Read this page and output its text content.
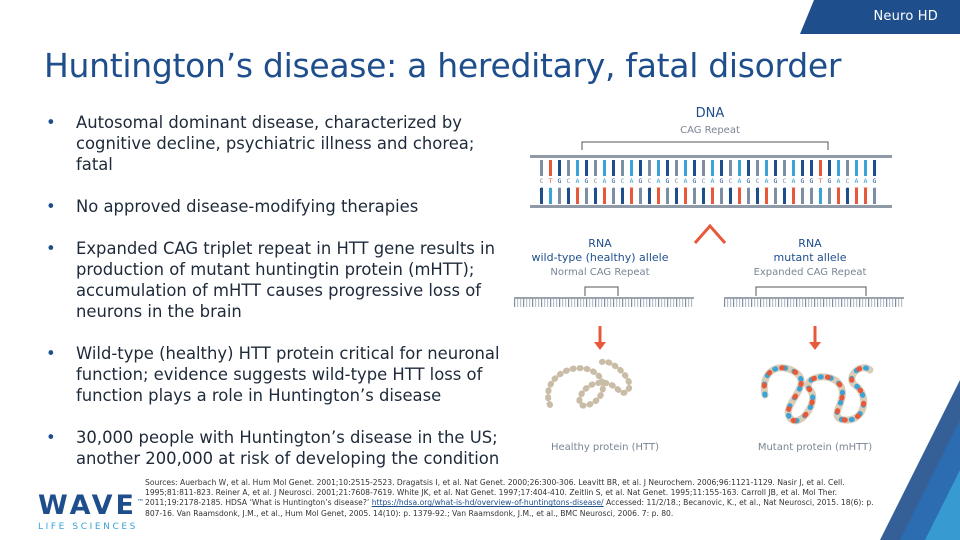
Neuro HD
Huntington’s disease: a hereditary, fatal disorder
• Autosomal dominant disease, characterized by cognitive decline, psychiatric illness and chorea; fatal
• No approved disease-modifying therapies
• Expanded CAG triplet repeat in HTT gene results in production of mutant huntingtin protein (mHTT); accumulation of mHTT causes progressive loss of neurons in the brain
• Wild-type (healthy) HTT protein critical for neuronal function; evidence suggests wild-type HTT loss of function plays a role in Huntington’s disease
• 30,000 people with Huntington’s disease in the US; another 200,000 at risk of developing the condition
DNA
CAG Repeat
C T G C A G C A G C A G C A G C A G C A G C A G C A G C A G G T G A C A A G
G A C G T C G T C G T C G T C G T C G T C G T C G T C G T C C A C T G T T C
RNA
wild-type (healthy) allele
Normal CAG Repeat
RNA
mutant allele
Expanded CAG Repeat
Healthy protein (HTT)	Mutant protein (mHTT)
Sources: Auerbach W, et al. Hum Mol Genet. 2001;10:2515-2523. Dragatsis I, et al. Nat Genet. 2000;26:300-306. Leavitt BR, et al. J Neurochem. 2006;96:1121-1129. Nasir J, et al. Cell. 1995;81:811-823. Reiner A, et al. J Neurosci. 2001;21:7608-7619. White JK, et al. Nat Genet. 1997;17:404-410. Zeitlin S, et al. Nat Genet. 1995;11:155-163. Carroll JB, et al. Mol Ther. 2011;19:2178-2185. HDSA ‘What is Huntington’s disease?’ https://hdsa.org/what-is-hd/overview-of-huntingtons-disease/ Accessed: 11/2/18.; Becanovic, K., et al., Nat Neurosci, 2015. 18(6): p. 807-16. Van Raamsdonk, J.M., et al., Hum Mol Genet, 2005. 14(10): p. 1379-92.; Van Raamsdonk, J.M., et al., BMC Neurosci, 2006. 7: p. 80.
WAVE™
LIFE SCIENCES
